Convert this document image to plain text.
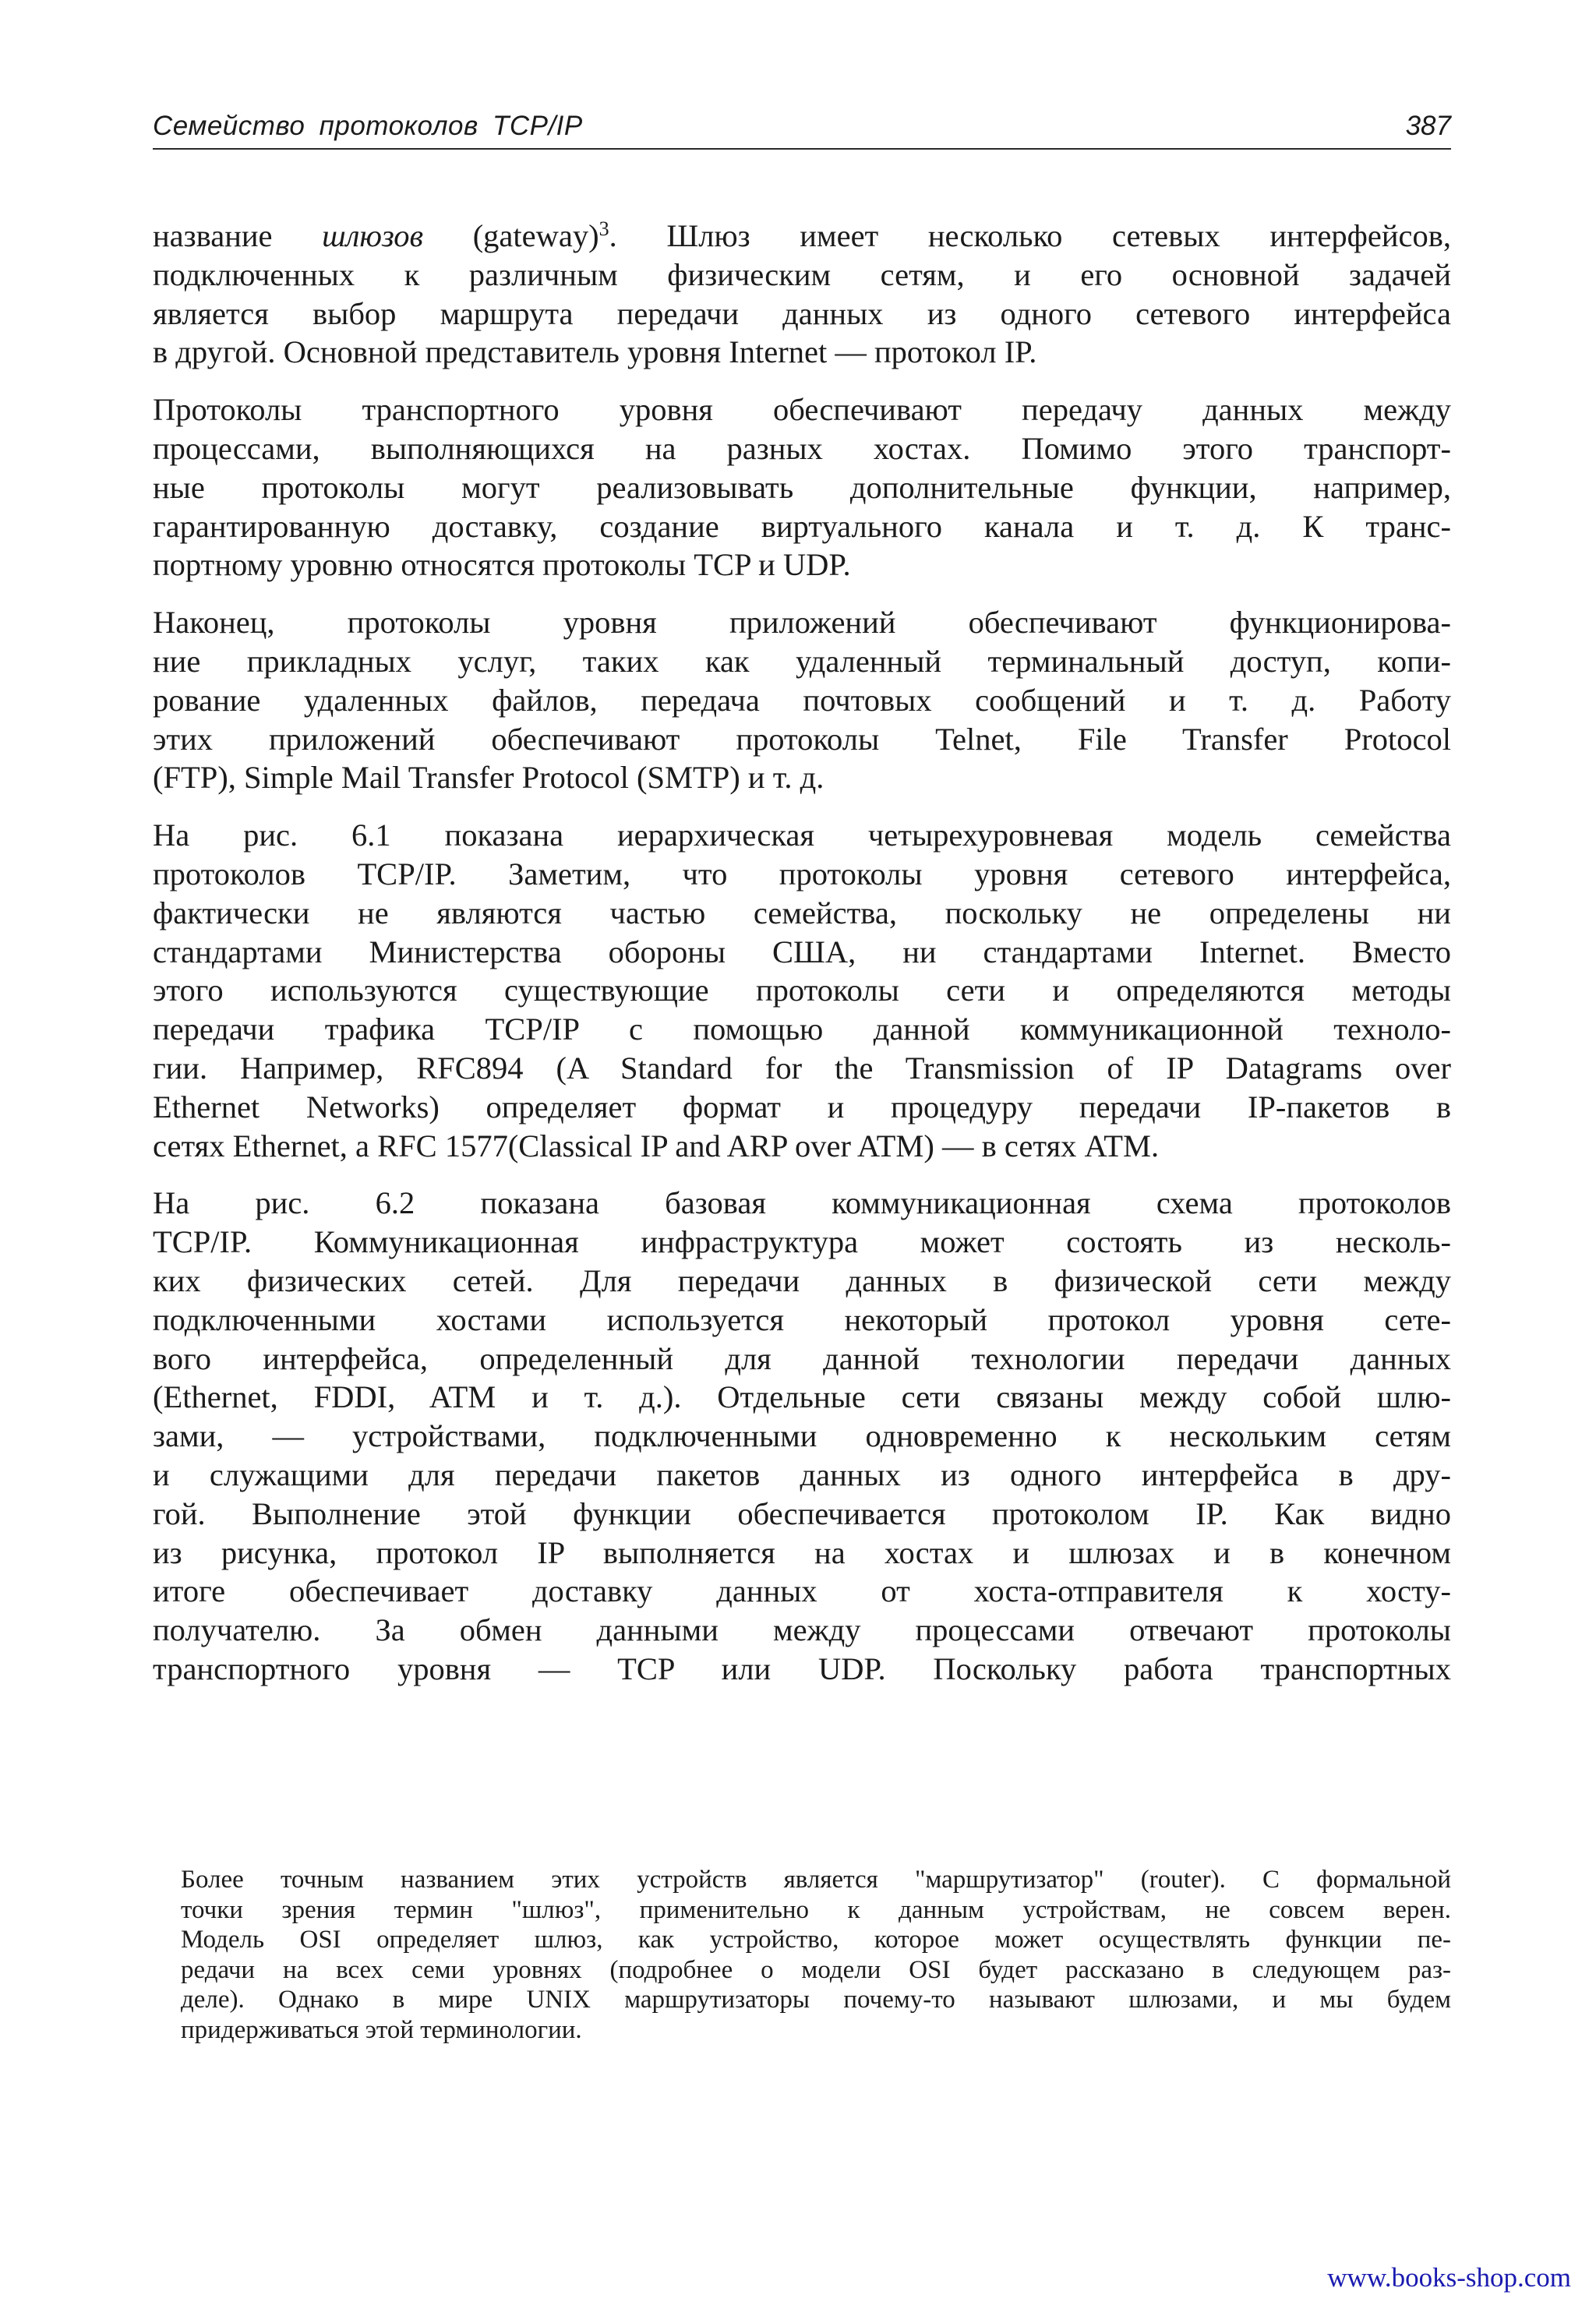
Семейство протоколов TCP/IP	387
название шлюзов (gateway)$^3$. Шлюз имеет несколько сетевых интерфейсов,
подключенных к различным физическим сетям, и его основной задачей
является выбор маршрута передачи данных из одного сетевого интерфейса
в другой. Основной представитель уровня Internet — протокол IP.
Протоколы транспортного уровня обеспечивают передачу данных между
процессами, выполняющихся на разных хостах. Помимо этого транспорт-
ные протоколы могут реализовывать дополнительные функции, например,
гарантированную доставку, создание виртуального канала и т. д. К транс-
портному уровню относятся протоколы TCP и UDP.
Наконец, протоколы уровня приложений обеспечивают функционирова-
ние прикладных услуг, таких как удаленный терминальный доступ, копи-
рование удаленных файлов, передача почтовых сообщений и т. д. Работу
этих приложений обеспечивают протоколы Telnet, File Transfer Protocol
(FTP), Simple Mail Transfer Protocol (SMTP) и т. д.
На рис. 6.1 показана иерархическая четырехуровневая модель семейства
протоколов TCP/IP. Заметим, что протоколы уровня сетевого интерфейса,
фактически не являются частью семейства, поскольку не определены ни
стандартами Министерства обороны США, ни стандартами Internet. Вместо
этого используются существующие протоколы сети и определяются методы
передачи трафика TCP/IP с помощью данной коммуникационной техноло-
гии. Например, RFC894 (A Standard for the Transmission of IP Datagrams over
Ethernet Networks) определяет формат и процедуру передачи IP-пакетов в
сетях Ethernet, а RFC 1577(Classical IP and ARP over ATM) — в сетях ATM.
На рис. 6.2 показана базовая коммуникационная схема протоколов
TCP/IP. Коммуникационная инфраструктура может состоять из несколь-
ких физических сетей. Для передачи данных в физической сети между
подключенными хостами используется некоторый протокол уровня сете-
вого интерфейса, определенный для данной технологии передачи данных
(Ethernet, FDDI, ATM и т. д.). Отдельные сети связаны между собой шлю-
зами, — устройствами, подключенными одновременно к нескольким сетям
и служащими для передачи пакетов данных из одного интерфейса в дру-
гой. Выполнение этой функции обеспечивается протоколом IP. Как видно
из рисунка, протокол IP выполняется на хостах и шлюзах и в конечном
итоге обеспечивает доставку данных от хоста-отправителя к хосту-
получателю. За обмен данными между процессами отвечают протоколы
транспортного уровня — TCP или UDP. Поскольку работа транспортных
Более точным названием этих устройств является "маршрутизатор" (router). С формальной
точки зрения термин "шлюз", применительно к данным устройствам, не совсем верен.
Модель OSI определяет шлюз, как устройство, которое может осуществлять функции пе-
редачи на всех семи уровнях (подробнее о модели OSI будет рассказано в следующем раз-
деле). Однако в мире UNIX маршрутизаторы почему-то называют шлюзами, и мы будем
придерживаться этой терминологии.
www.books-shop.com
